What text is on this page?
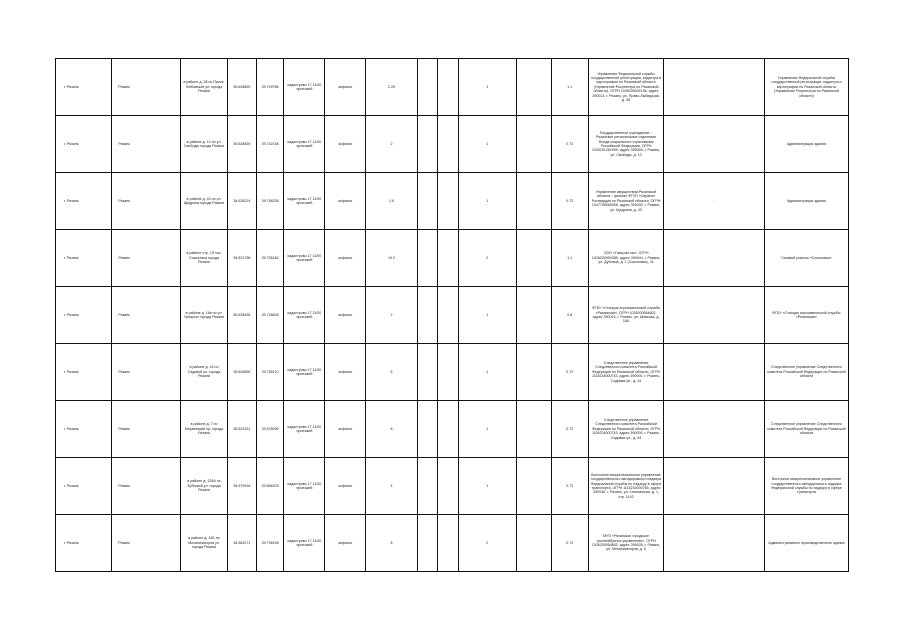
г. Рязань	Рязань	в районе д. 28 по Приок. Любовской ул. города Рязани	50.628890	39.749786	кадастрово 17 11/00 проезжей	асфальт	2.25			1		1.1	Управление Федеральной службы государственной регистрации, кадастра и картографии по Рязанской области (Управление Росреестра по Рязанской области), ОГРН 1046209031196, адрес 390013, г. Рязань, ул. Право-Лыбедская, д. 35		Управление Федеральной службы государственной регистрации, кадастра и картографии по Рязанской области (Управление Росреестра по Рязанской области)
г. Рязань	Рязань	в районе д. 12 по ул. Свободы города Рязани	50.628839	39.742158	кадастрово 17 11/00 проезжей	асфальт	2			1		0.72	Государственное учреждение – Рязанское региональное отделение Фонда социального страхования Российской Федерации, ОГРН 1026201261999, адрес 390000, г. Рязань, ул. Свободы, д. 12		Администрация здания
г. Рязань	Рязань	в районе д. 43 по ул. Щедрина города Рязани	54.628224	39.758236	кадастрово 17 11/00 проезжей	асфальт	1.5			1		0.72	Управление имуществом Рязанской области – филиал ФГУП «Охрана» Росгвардии по Рязанской области, ОГРН 1047796065006, адрес 390000, г. Рязань, ул. Щедрина, д. 43	-	Администрация здания
г. Рязань	Рязань	в районе стр. 15 пос. Соколовка города Рязани	54.621758	39.736184	кадастрово 17 11/00 проезжей	асфальт	19.2			2		1.1	ООО «Газпром газ», ОГРН 1026200954385, адрес 390044, г. Рязань, ул. Дубовой, д. 1 (Соколовка), 41		Газовый участок «Соколовка»
г. Рязань	Рязань	в районе д. 18а по ул. Урицкого города Рязани	50.628498	39.728628	кадастрово 17 11/00 проезжей	асфальт	2			1		0.8	ФГБУ «Станция агрохимической службы «Рязанская», ОГРН 1026200954602, адрес 390013, г. Рязань, ул. Шевская, д. 18А		ФГБУ «Станция агрохимической службы «Рязанская»
г. Рязань	Рязань	в районе д. 44 по Садовой ул. города Рязани	50.628695	39.755110	кадастрово 17 11/00 проезжей	асфальт	6			1		0.72	Следственное управление Следственного комитета Российской Федерации по Рязанской области, ОГРН 1116234000743, адрес 390000, г. Рязань, Садовая ул., д. 44		Следственное управление Следственного комитета Российской Федерации по Рязанской области
г. Рязань	Рязань	в районе д. 7 по Мервинский пр. города Рязани	50.623151	39.678090	кадастрово 17 11/00 проезжей	асфальт	8			1		0.72	Следственное управление Следственного комитета Российской Федерации по Рязанской области, ОГРН 1116234000743, адрес 390000, г. Рязань, Садовая ул., д. 44		Следственное управление Следственного комитета Российской Федерации по Рязанской области
г. Рязань	Рязань	в районе д. 126А по Зубковой ул. города Рязани	54.579916	39.686203	кадастрово 17 11/00 проезжей	асфальт	4			1		0.72	Восточное межрегиональное управление государственного автодорожного надзора Федеральной службы по надзору в сфере транспорта, ОГРН 1116234000765, адрес 390035, г. Рязань, ул. Семчинская, д. 1, стр. 1142		Восточное межрегиональное управление государственного автодорожного надзора Федеральной службы по надзору в сфере транспорта
г. Рязань	Рязань	в районе д. 34Б по Механизаторов ул. города Рязани	54.583271	39.736198	кадастрово 17 11/00 проезжей	асфальт	8			2		0.72	МУП «Рязанское городское троллейбусное управление», ОГРН 1026200954602, адрес 390035, г. Рязань, ул. Механизаторов, д. 5		Административное производственное здание
